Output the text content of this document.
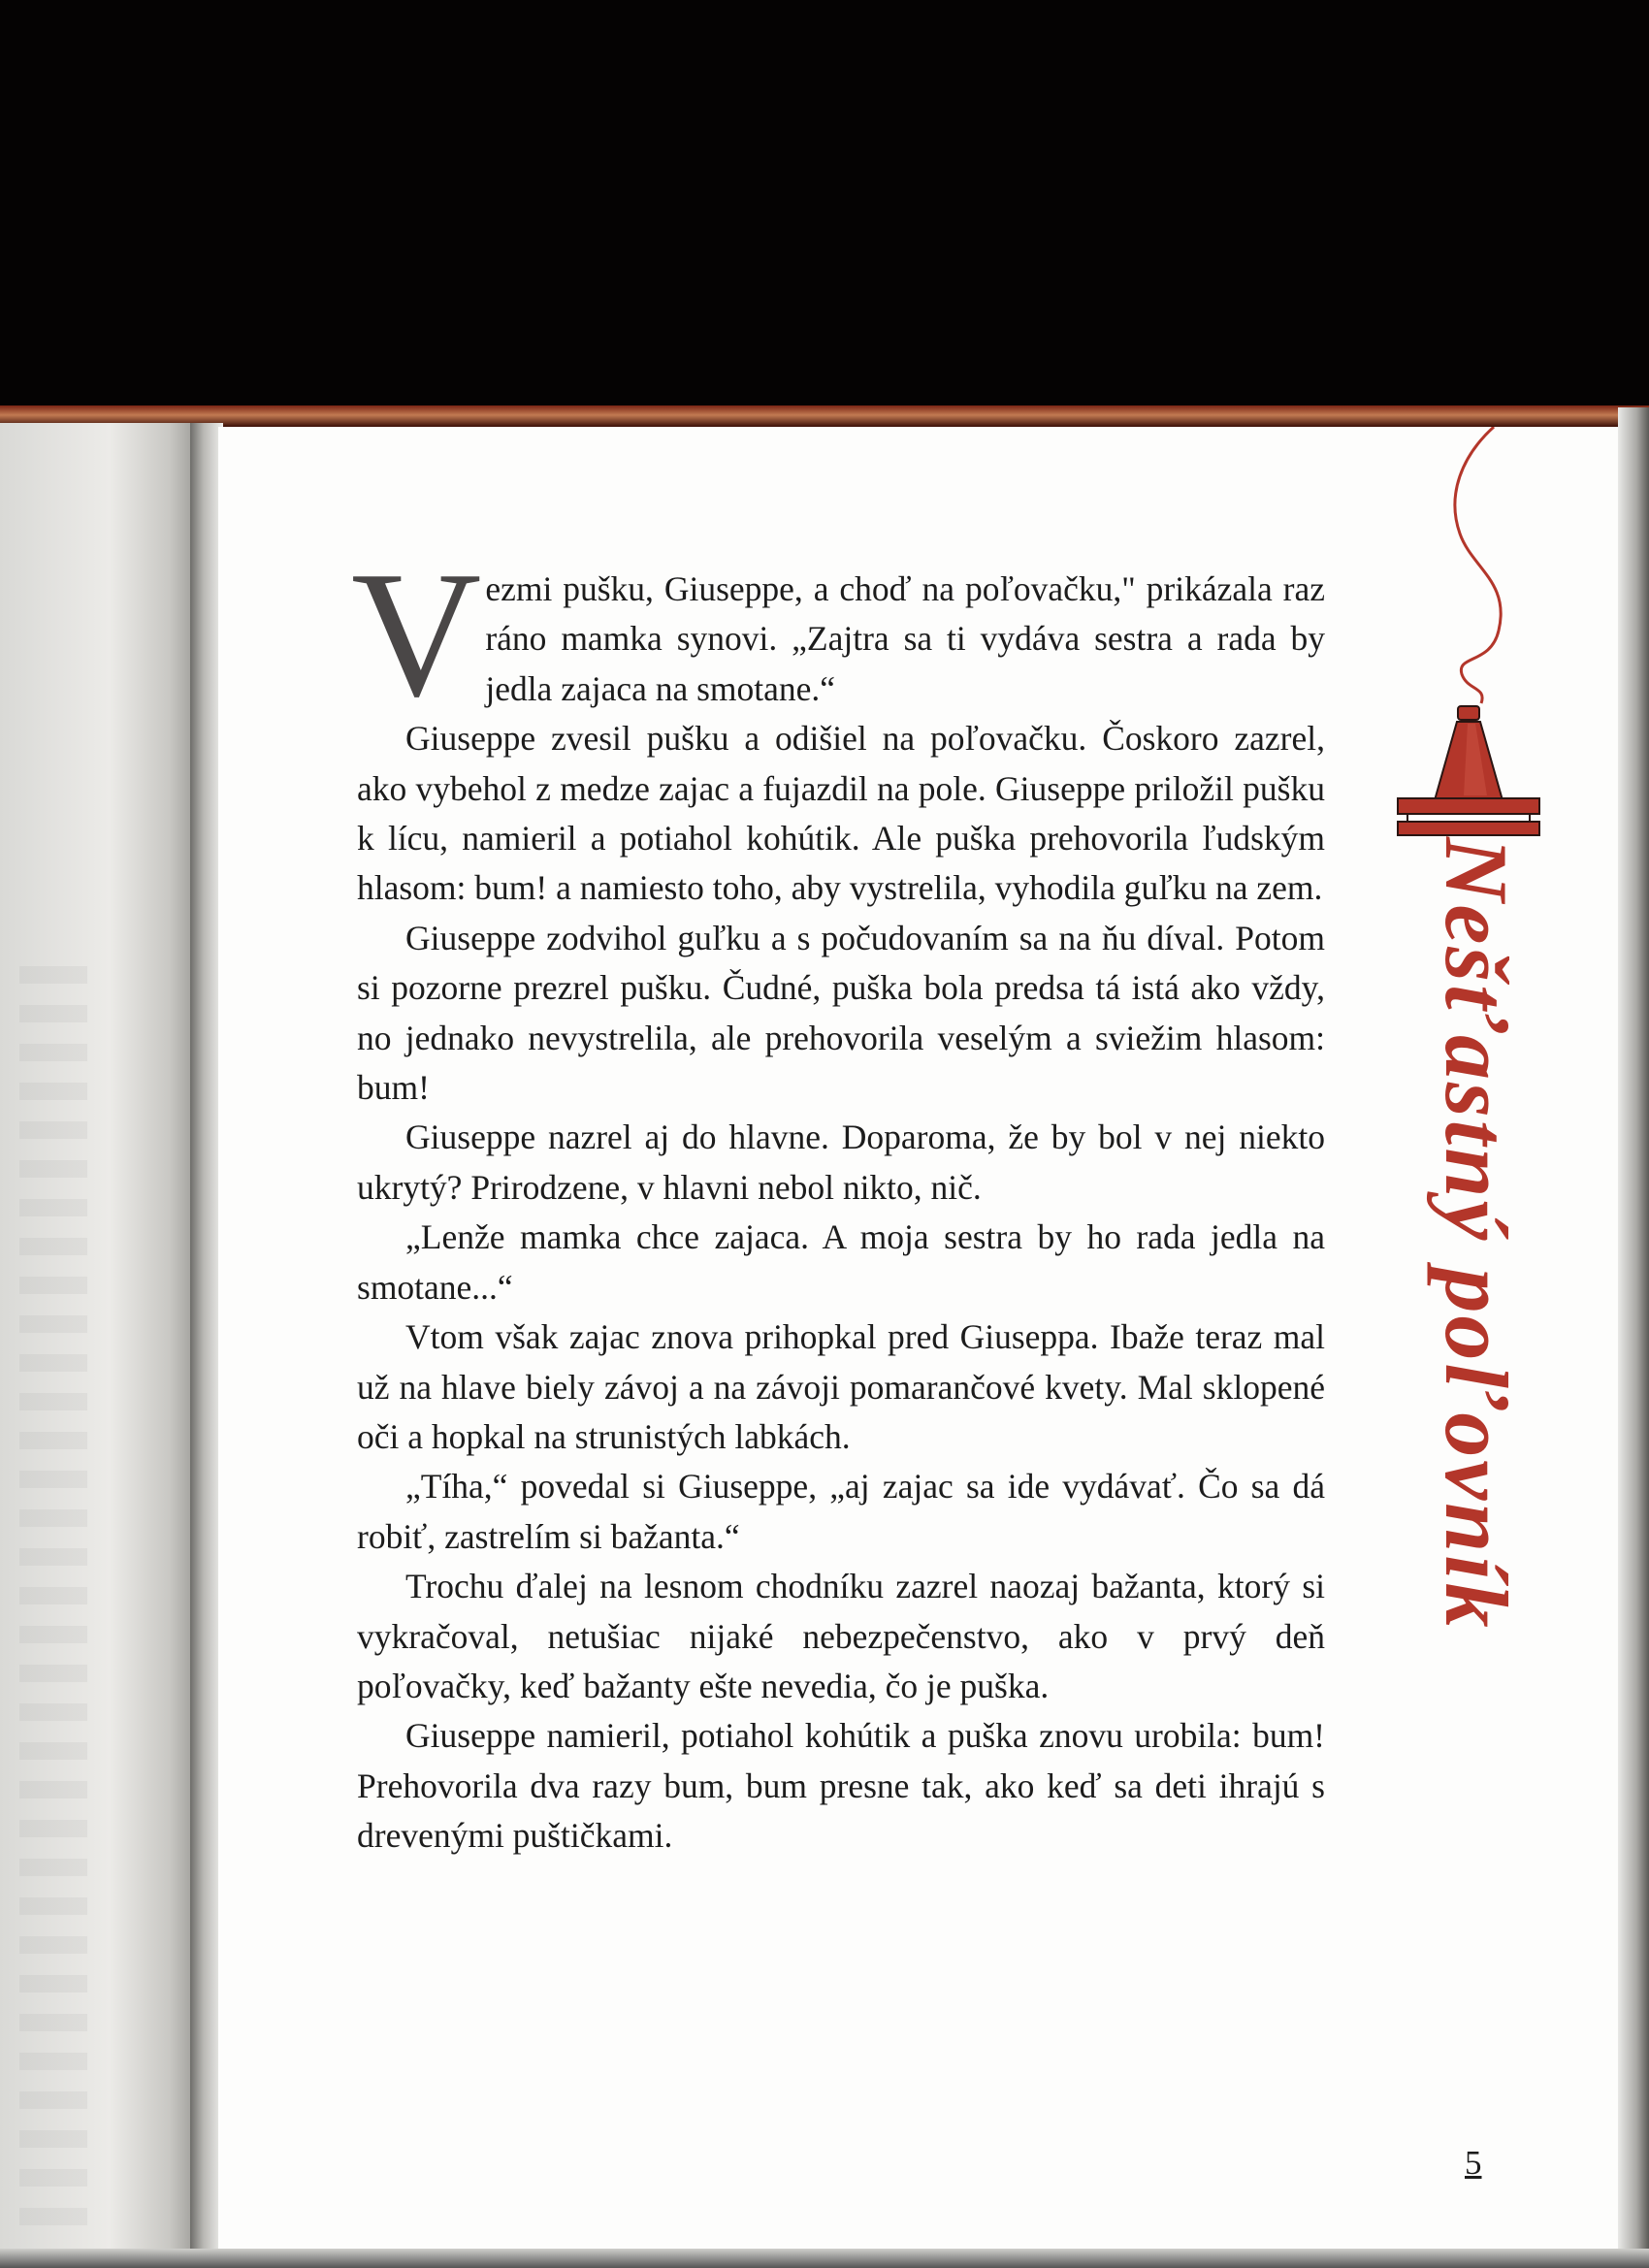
Nešťastný poľovník

Vezmi pušku, Giuseppe, a choď na poľovačku," prikázala raz ráno mamka synovi. „Zajtra sa ti vydáva sestra a rada by jedla zajaca na smotane.“

Giuseppe zvesil pušku a odišiel na poľovačku. Čoskoro zazrel, ako vybehol z medze zajac a fujazdil na pole. Giuseppe priložil pušku k lícu, namieril a potiahol kohútik. Ale puška prehovorila ľudským hlasom: bum! a namiesto toho, aby vystrelila, vyhodila guľku na zem.

Giuseppe zodvihol guľku a s počudovaním sa na ňu díval. Potom si pozorne prezrel pušku. Čudné, puška bola predsa tá istá ako vždy, no jednako nevystrelila, ale prehovorila veselým a sviežim hlasom: bum!

Giuseppe nazrel aj do hlavne. Doparoma, že by bol v nej niekto ukrytý? Prirodzene, v hlavni nebol nikto, nič.

„Lenže mamka chce zajaca. A moja sestra by ho rada jedla na smotane...“

Vtom však zajac znova prihopkal pred Giuseppa. Ibaže teraz mal už na hlave biely závoj a na závoji pomarančové kvety. Mal sklopené oči a hopkal na strunistých labkách.

„Tíha,“ povedal si Giuseppe, „aj zajac sa ide vydávať. Čo sa dá robiť, zastrelím si bažanta.“

Trochu ďalej na lesnom chodníku zazrel naozaj bažanta, ktorý si vykračoval, netušiac nijaké nebezpečenstvo, ako v prvý deň poľovačky, keď bažanty ešte nevedia, čo je puška.

Giuseppe namieril, potiahol kohútik a puška znovu urobila: bum! Prehovorila dva razy bum, bum presne tak, ako keď sa deti ihrajú s drevenými puštičkami.

5
